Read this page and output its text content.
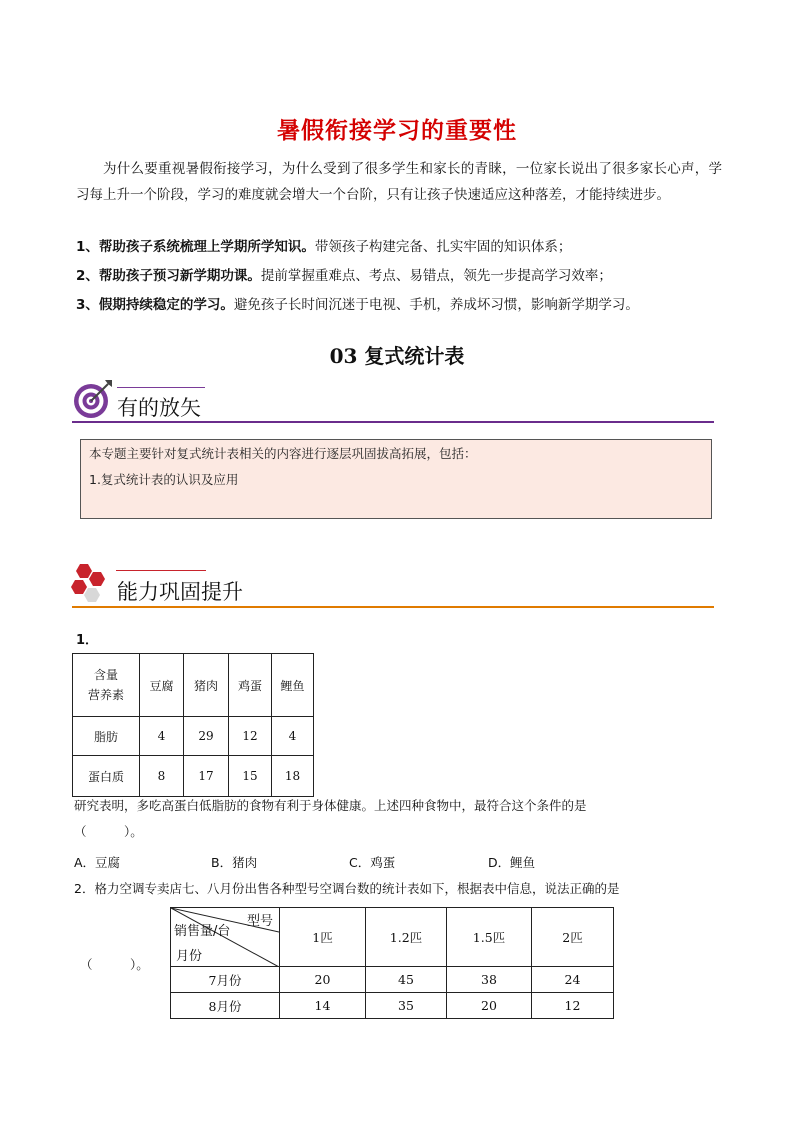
暑假衔接学习的重要性

为什么要重视暑假衔接学习，为什么受到了很多学生和家长的青睐，一位家长说出了很多家长心声，学习每上升一个阶段，学习的难度就会增大一个台阶，只有让孩子快速适应这种落差，才能持续进步。

1、帮助孩子系统梳理上学期所学知识。带领孩子构建完备、扎实牢固的知识体系；
2、帮助孩子预习新学期功课。提前掌握重难点、考点、易错点，领先一步提高学习效率；
3、假期持续稳定的学习。避免孩子长时间沉迷于电视、手机，养成坏习惯，影响新学期学习。
03 复式统计表
有的放矢
本专题主要针对复式统计表相关的内容进行逐层巩固拔高拓展，包括：
1.复式统计表的认识及应用
能力巩固提升
1．
含量
营养素	豆腐	猪肉	鸡蛋	鲤鱼
脂肪	4	29	12	4
蛋白质	8	17	15	18
研究表明，多吃高蛋白低脂肪的食物有利于身体健康。上述四种食物中，最符合这个条件的是
（　　　）。
A．豆腐	B．猪肉	C．鸡蛋	D．鲤鱼
2．格力空调专卖店七、八月份出售各种型号空调台数的统计表如下，根据表中信息，说法正确的是
（　　　）。
型号
销售量/台
月份	1匹	1.2匹	1.5匹	2匹
7月份	20	45	38	24
8月份	14	35	20	12
